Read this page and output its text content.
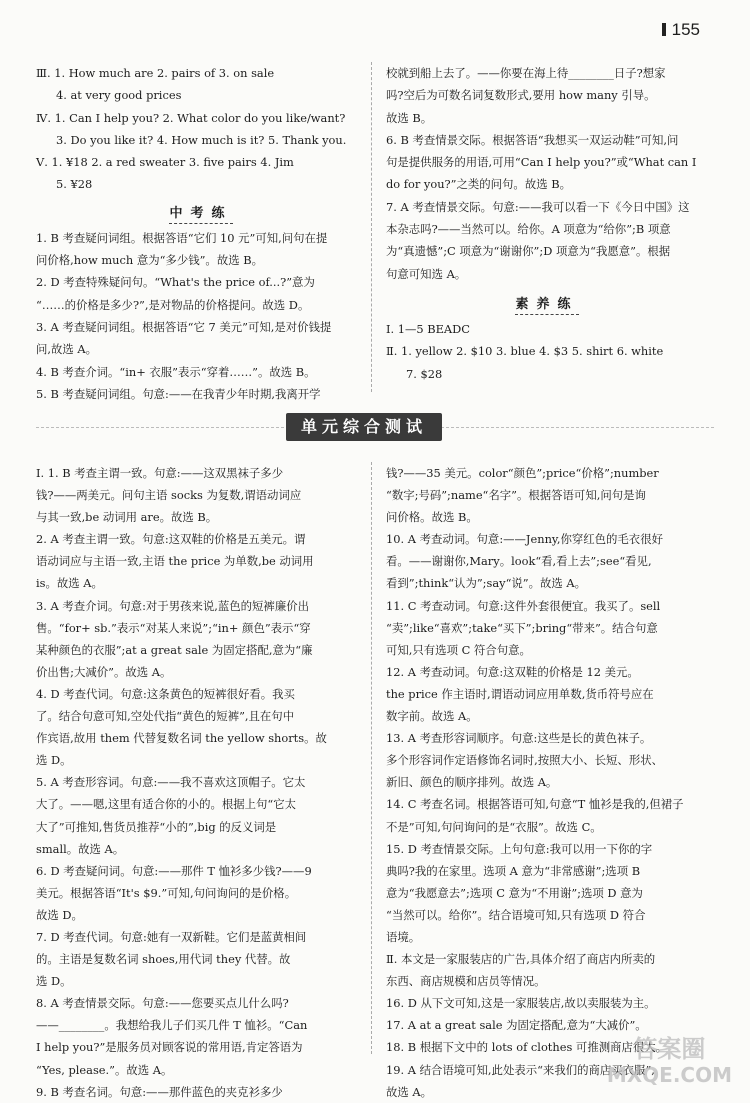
155

Ⅲ. 1. How much are 2. pairs of 3. on sale

4. at very good prices

Ⅳ. 1. Can I help you? 2. What color do you like/want?

3. Do you like it? 4. How much is it? 5. Thank you.

Ⅴ. 1. ¥18 2. a red sweater 3. five pairs 4. Jim

5. ¥28

中考练

1. B 考查疑问词组。根据答语“它们 10 元”可知,问句在提

问价格,how much 意为“多少钱”。故选 B。

2. D 考查特殊疑问句。“What's the price of...?”意为

“……的价格是多少?”,是对物品的价格提问。故选 D。

3. A 考查疑问词组。根据答语“它 7 美元”可知,是对价钱提

问,故选 A。

4. B 考查介词。“in+ 衣服”表示“穿着……”。故选 B。

5. B 考查疑问词组。句意:——在我青少年时期,我离开学

校就到船上去了。——你要在海上待________日子?想家

吗?空后为可数名词复数形式,要用 how many 引导。

故选 B。

6. B 考查情景交际。根据答语“我想买一双运动鞋”可知,问

句是提供服务的用语,可用“Can I help you?”或“What can I

do for you?”之类的问句。故选 B。

7. A 考查情景交际。句意:——我可以看一下《今日中国》这

本杂志吗?——当然可以。给你。A 项意为“给你”;B 项意

为“真遗憾”;C 项意为“谢谢你”;D 项意为“我愿意”。根据

句意可知选 A。

素养练

Ⅰ. 1—5 BEADC

Ⅱ. 1. yellow 2. $10 3. blue 4. $3 5. shirt 6. white

7. $28

单元综合测试

Ⅰ. 1. B 考查主谓一致。句意:——这双黑袜子多少

钱?——两美元。问句主语 socks 为复数,谓语动词应

与其一致,be 动词用 are。故选 B。

2. A 考查主谓一致。句意:这双鞋的价格是五美元。谓

语动词应与主语一致,主语 the price 为单数,be 动词用

is。故选 A。

3. A 考查介词。句意:对于男孩来说,蓝色的短裤廉价出

售。“for+ sb.”表示“对某人来说”;“in+ 颜色”表示“穿

某种颜色的衣服”;at a great sale 为固定搭配,意为“廉

价出售;大减价”。故选 A。

4. D 考查代词。句意:这条黄色的短裤很好看。我买

了。结合句意可知,空处代指“黄色的短裤”,且在句中

作宾语,故用 them 代替复数名词 the yellow shorts。故

选 D。

5. A 考查形容词。句意:——我不喜欢这顶帽子。它太

大了。——嗯,这里有适合你的小的。根据上句“它太

大了”可推知,售货员推荐“小的”,big 的反义词是

small。故选 A。

6. D 考查疑问词。句意:——那件 T 恤衫多少钱?——9

美元。根据答语“It's $9.”可知,句问询问的是价格。

故选 D。

7. D 考查代词。句意:她有一双新鞋。它们是蓝黄相间

的。主语是复数名词 shoes,用代词 they 代替。故

选 D。

8. A 考查情景交际。句意:——您要买点儿什么吗?

——________。我想给我儿子们买几件 T 恤衫。“Can

I help you?”是服务员对顾客说的常用语,肯定答语为

“Yes, please.”。故选 A。

9. B 考查名词。句意:——那件蓝色的夹克衫多少

钱?——35 美元。color“颜色”;price“价格”;number

“数字;号码”;name“名字”。根据答语可知,问句是询

问价格。故选 B。

10. A 考查动词。句意:——Jenny,你穿红色的毛衣很好

看。——谢谢你,Mary。look“看,看上去”;see“看见,

看到”;think“认为”;say“说”。故选 A。

11. C 考查动词。句意:这件外套很便宜。我买了。sell

“卖”;like“喜欢”;take“买下”;bring“带来”。结合句意

可知,只有选项 C 符合句意。

12. A 考查动词。句意:这双鞋的价格是 12 美元。

the price 作主语时,谓语动词应用单数,货币符号应在

数字前。故选 A。

13. A 考查形容词顺序。句意:这些是长的黄色袜子。

多个形容词作定语修饰名词时,按照大小、长短、形状、

新旧、颜色的顺序排列。故选 A。

14. C 考查名词。根据答语可知,句意“T 恤衫是我的,但裙子

不是”可知,句问询问的是“衣服”。故选 C。

15. D 考查情景交际。上句句意:我可以用一下你的字

典吗?我的在家里。选项 A 意为“非常感谢”;选项 B

意为“我愿意去”;选项 C 意为“不用谢”;选项 D 意为

“当然可以。给你”。结合语境可知,只有选项 D 符合

语境。

Ⅱ. 本文是一家服装店的广告,具体介绍了商店内所卖的

东西、商店规模和店员等情况。

16. D 从下文可知,这是一家服装店,故以卖服装为主。

17. A at a great sale 为固定搭配,意为“大减价”。

18. B 根据下文中的 lots of clothes 可推测商店很大。

19. A 结合语境可知,此处表示“来我们的商店买衣服”,

故选 A。

答案圈
MXQE.COM
